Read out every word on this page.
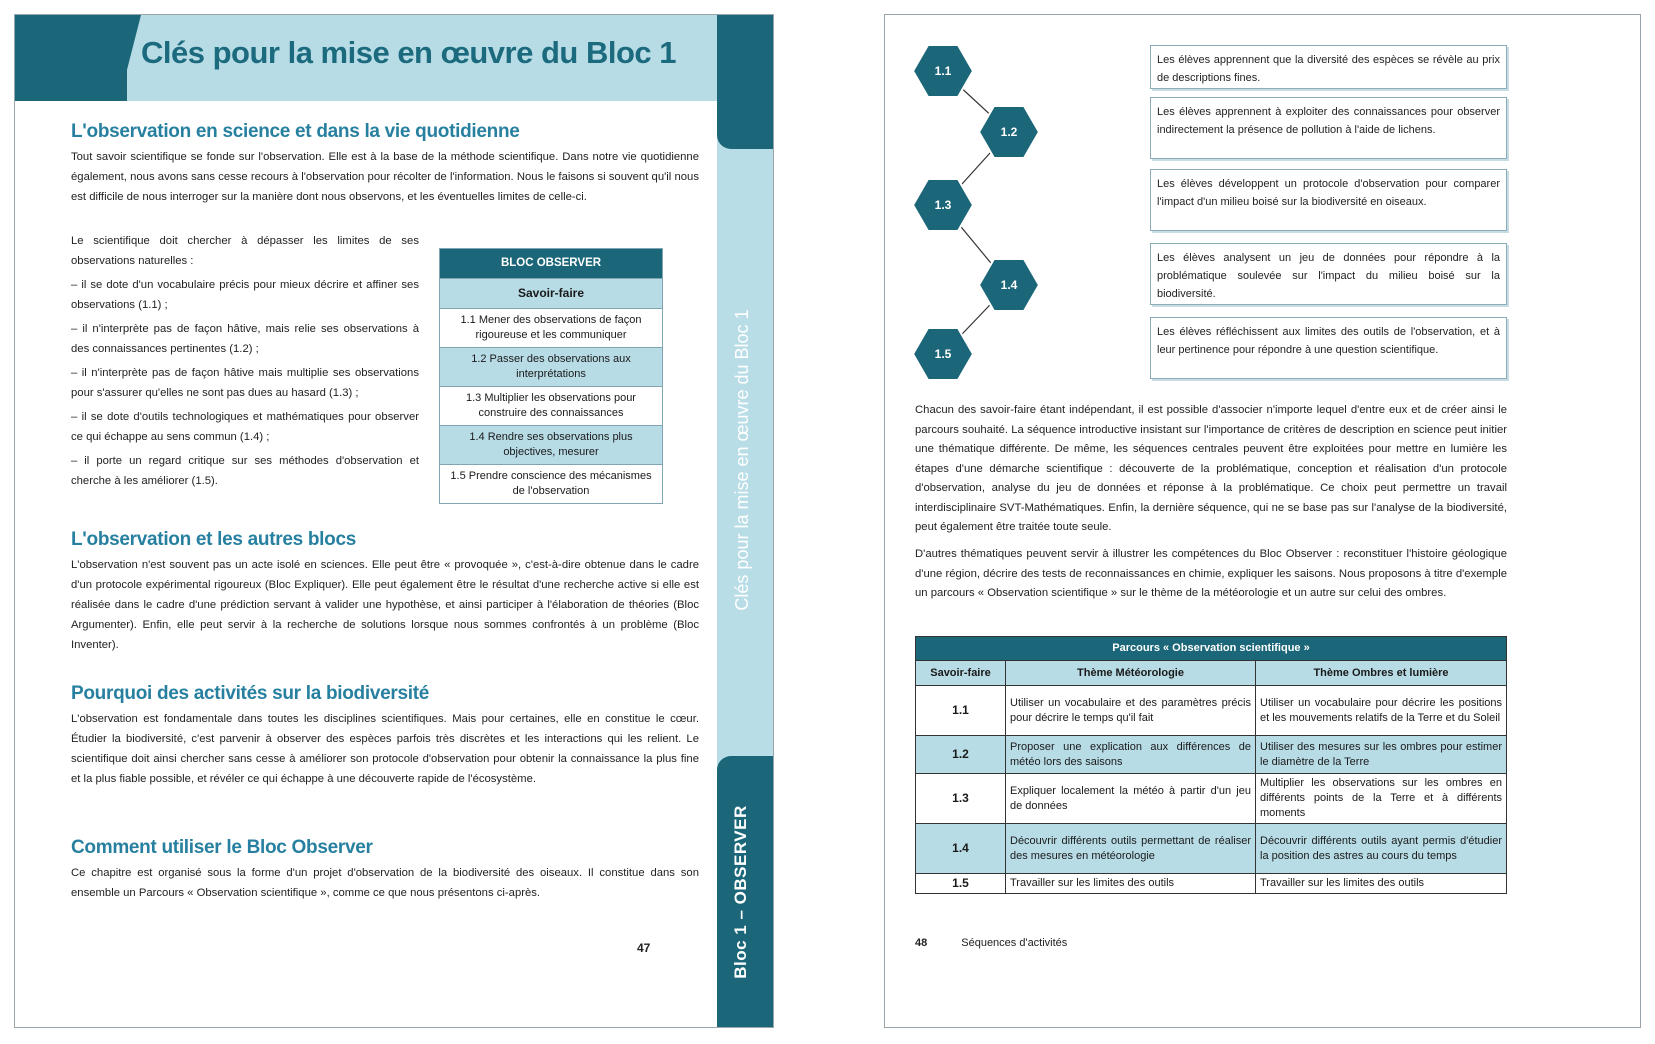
Clés pour la mise en œuvre du Bloc 1
Clés pour la mise en œuvre du Bloc 1
Bloc 1 – OBSERVER
L'observation en science et dans la vie quotidienne
Tout savoir scientifique se fonde sur l'observation. Elle est à la base de la méthode scientifique. Dans notre vie quotidienne également, nous avons sans cesse recours à l'observation pour récolter de l'information. Nous le faisons si souvent qu'il nous est difficile de nous interroger sur la manière dont nous observons, et les éventuelles limites de celle-ci.

Le scientifique doit chercher à dépasser les limites de ses observations naturelles :

– il se dote d'un vocabulaire précis pour mieux décrire et affiner ses observations (1.1) ;

– il n'interprète pas de façon hâtive, mais relie ses observations à des connaissances pertinentes (1.2) ;

– il n'interprète pas de façon hâtive mais multiplie ses observations pour s'assurer qu'elles ne sont pas dues au hasard (1.3) ;

– il se dote d'outils technologiques et mathématiques pour observer ce qui échappe au sens commun (1.4) ;

– il porte un regard critique sur ses méthodes d'observation et cherche à les améliorer (1.5).

BLOC OBSERVER
Savoir-faire
1.1 Mener des observations de façon rigoureuse et les communiquer
1.2 Passer des observations aux interprétations
1.3 Multiplier les observations pour construire des connaissances
1.4 Rendre ses observations plus objectives, mesurer
1.5 Prendre conscience des mécanismes de l'observation
L'observation et les autres blocs
L'observation n'est souvent pas un acte isolé en sciences. Elle peut être « provoquée », c'est-à-dire obtenue dans le cadre d'un protocole expérimental rigoureux (Bloc Expliquer). Elle peut également être le résultat d'une recherche active si elle est réalisée dans le cadre d'une prédiction servant à valider une hypothèse, et ainsi participer à l'élaboration de théories (Bloc Argumenter). Enfin, elle peut servir à la recherche de solutions lorsque nous sommes confrontés à un problème (Bloc Inventer).
Pourquoi des activités sur la biodiversité
L'observation est fondamentale dans toutes les disciplines scientifiques. Mais pour certaines, elle en constitue le cœur. Étudier la biodiversité, c'est parvenir à observer des espèces parfois très discrètes et les interactions qui les relient. Le scientifique doit ainsi chercher sans cesse à améliorer son protocole d'observation pour obtenir la connaissance la plus fine et la plus fiable possible, et révéler ce qui échappe à une découverte rapide de l'écosystème.
Comment utiliser le Bloc Observer
Ce chapitre est organisé sous la forme d'un projet d'observation de la biodiversité des oiseaux. Il constitue dans son ensemble un Parcours « Observation scientifique », comme ce que nous présentons ci-après.
47
1.1
1.2
1.3
1.4
1.5
Les élèves apprennent que la diversité des espèces se révèle au prix de descriptions fines.
Les élèves apprennent à exploiter des connaissances pour observer indirectement la présence de pollution à l'aide de lichens.
Les élèves développent un protocole d'observation pour comparer l'impact d'un milieu boisé sur la biodiversité en oiseaux.
Les élèves analysent un jeu de données pour répondre à la problématique soulevée sur l'impact du milieu boisé sur la biodiversité.
Les élèves réfléchissent aux limites des outils de l'observation, et à leur pertinence pour répondre à une question scientifique.
Chacun des savoir-faire étant indépendant, il est possible d'associer n'importe lequel d'entre eux et de créer ainsi le parcours souhaité. La séquence introductive insistant sur l'importance de critères de description en science peut initier une thématique différente. De même, les séquences centrales peuvent être exploitées pour mettre en lumière les étapes d'une démarche scientifique : découverte de la problématique, conception et réalisation d'un protocole d'observation, analyse du jeu de données et réponse à la problématique. Ce choix peut permettre un travail interdisciplinaire SVT-Mathématiques. Enfin, la dernière séquence, qui ne se base pas sur l'analyse de la biodiversité, peut également être traitée toute seule.
D'autres thématiques peuvent servir à illustrer les compétences du Bloc Observer : reconstituer l'histoire géologique d'une région, décrire des tests de reconnaissances en chimie, expliquer les saisons. Nous proposons à titre d'exemple un parcours « Observation scientifique » sur le thème de la météorologie et un autre sur celui des ombres.
Parcours « Observation scientifique »		
Savoir-faire	Thème Météorologie	Thème Ombres et lumière
1.1	Utiliser un vocabulaire et des paramètres précis pour décrire le temps qu'il fait	Utiliser un vocabulaire pour décrire les positions et les mouvements relatifs de la Terre et du Soleil
1.2	Proposer une explication aux différences de météo lors des saisons	Utiliser des mesures sur les ombres pour estimer le diamètre de la Terre
1.3	Expliquer localement la météo à partir d'un jeu de données	Multiplier les observations sur les ombres en différents points de la Terre et à différents moments
1.4	Découvrir différents outils permettant de réaliser des mesures en météorologie	Découvrir différents outils ayant permis d'étudier la position des astres au cours du temps
1.5	Travailler sur les limites des outils	Travailler sur les limites des outils
48	Séquences d'activités
